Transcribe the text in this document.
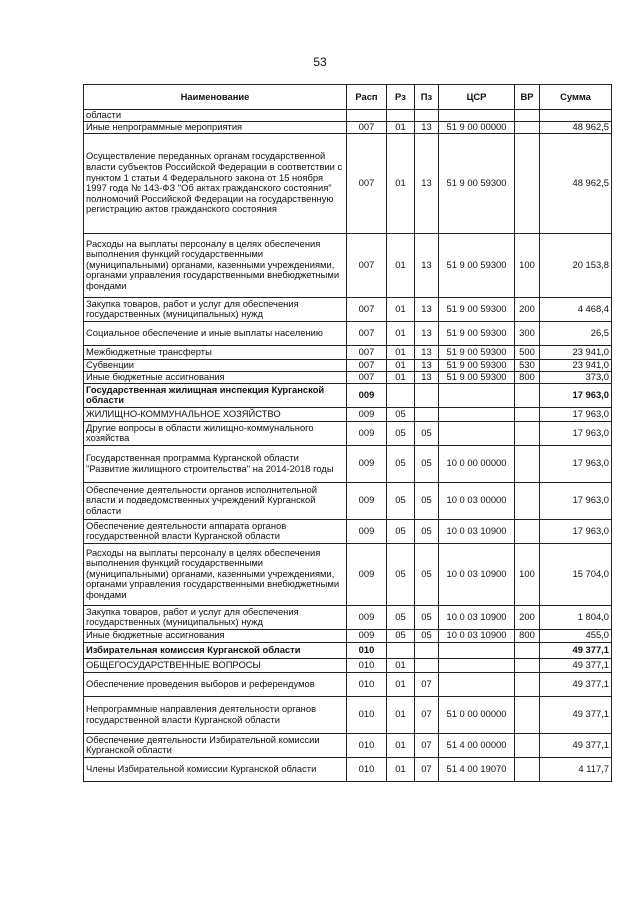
53
Наименование	Расп	Рз	Пз	ЦСР	ВР	Сумма
области						
Иные непрограммные мероприятия	007	01	13	51 9 00 00000		48 962,5
Осуществление переданных органам государственной власти субъектов Российской Федерации в соответствии с пунктом 1 статьи 4 Федерального закона от 15 ноября 1997 года № 143-ФЗ "Об актах гражданского состояния" полномочий Российской Федерации на государственную регистрацию актов гражданского состояния	007	01	13	51 9 00 59300		48 962,5
Расходы на выплаты персоналу в целях обеспечения выполнения функций государственными (муниципальными) органами, казенными учреждениями, органами управления государственными внебюджетными фондами	007	01	13	51 9 00 59300	100	20 153,8
Закупка товаров, работ и услуг для обеспечения государственных (муниципальных) нужд	007	01	13	51 9 00 59300	200	4 468,4
Социальное обеспечение и иные выплаты населению	007	01	13	51 9 00 59300	300	26,5
Межбюджетные трансферты	007	01	13	51 9 00 59300	500	23 941,0
Субвенции	007	01	13	51 9 00 59300	530	23 941,0
Иные бюджетные ассигнования	007	01	13	51 9 00 59300	800	373,0
Государственная жилищная инспекция Курганской области	009					17 963,0
ЖИЛИЩНО-КОММУНАЛЬНОЕ ХОЗЯЙСТВО	009	05				17 963,0
Другие вопросы в области жилищно-коммунального хозяйства	009	05	05			17 963,0
Государственная программа Курганской области "Развитие жилищного строительства" на 2014-2018 годы	009	05	05	10 0 00 00000		17 963,0
Обеспечение деятельности органов исполнительной власти и подведомственных учреждений Курганской области	009	05	05	10 0 03 00000		17 963,0
Обеспечение деятельности аппарата органов государственной власти Курганской области	009	05	05	10 0 03 10900		17 963,0
Расходы на выплаты персоналу в целях обеспечения выполнения функций государственными (муниципальными) органами, казенными учреждениями, органами управления государственными внебюджетными фондами	009	05	05	10 0 03 10900	100	15 704,0
Закупка товаров, работ и услуг для обеспечения государственных (муниципальных) нужд	009	05	05	10 0 03 10900	200	1 804,0
Иные бюджетные ассигнования	009	05	05	10 0 03 10900	800	455,0
Избирательная комиссия Курганской области	010					49 377,1
ОБЩЕГОСУДАРСТВЕННЫЕ ВОПРОСЫ	010	01				49 377,1
Обеспечение проведения выборов и референдумов	010	01	07			49 377,1
Непрограммные направления деятельности органов государственной власти Курганской области	010	01	07	51 0 00 00000		49 377,1
Обеспечение деятельности Избирательной комиссии Курганской области	010	01	07	51 4 00 00000		49 377,1
Члены Избирательной комиссии Курганской области	010	01	07	51 4 00 19070		4 117,7
